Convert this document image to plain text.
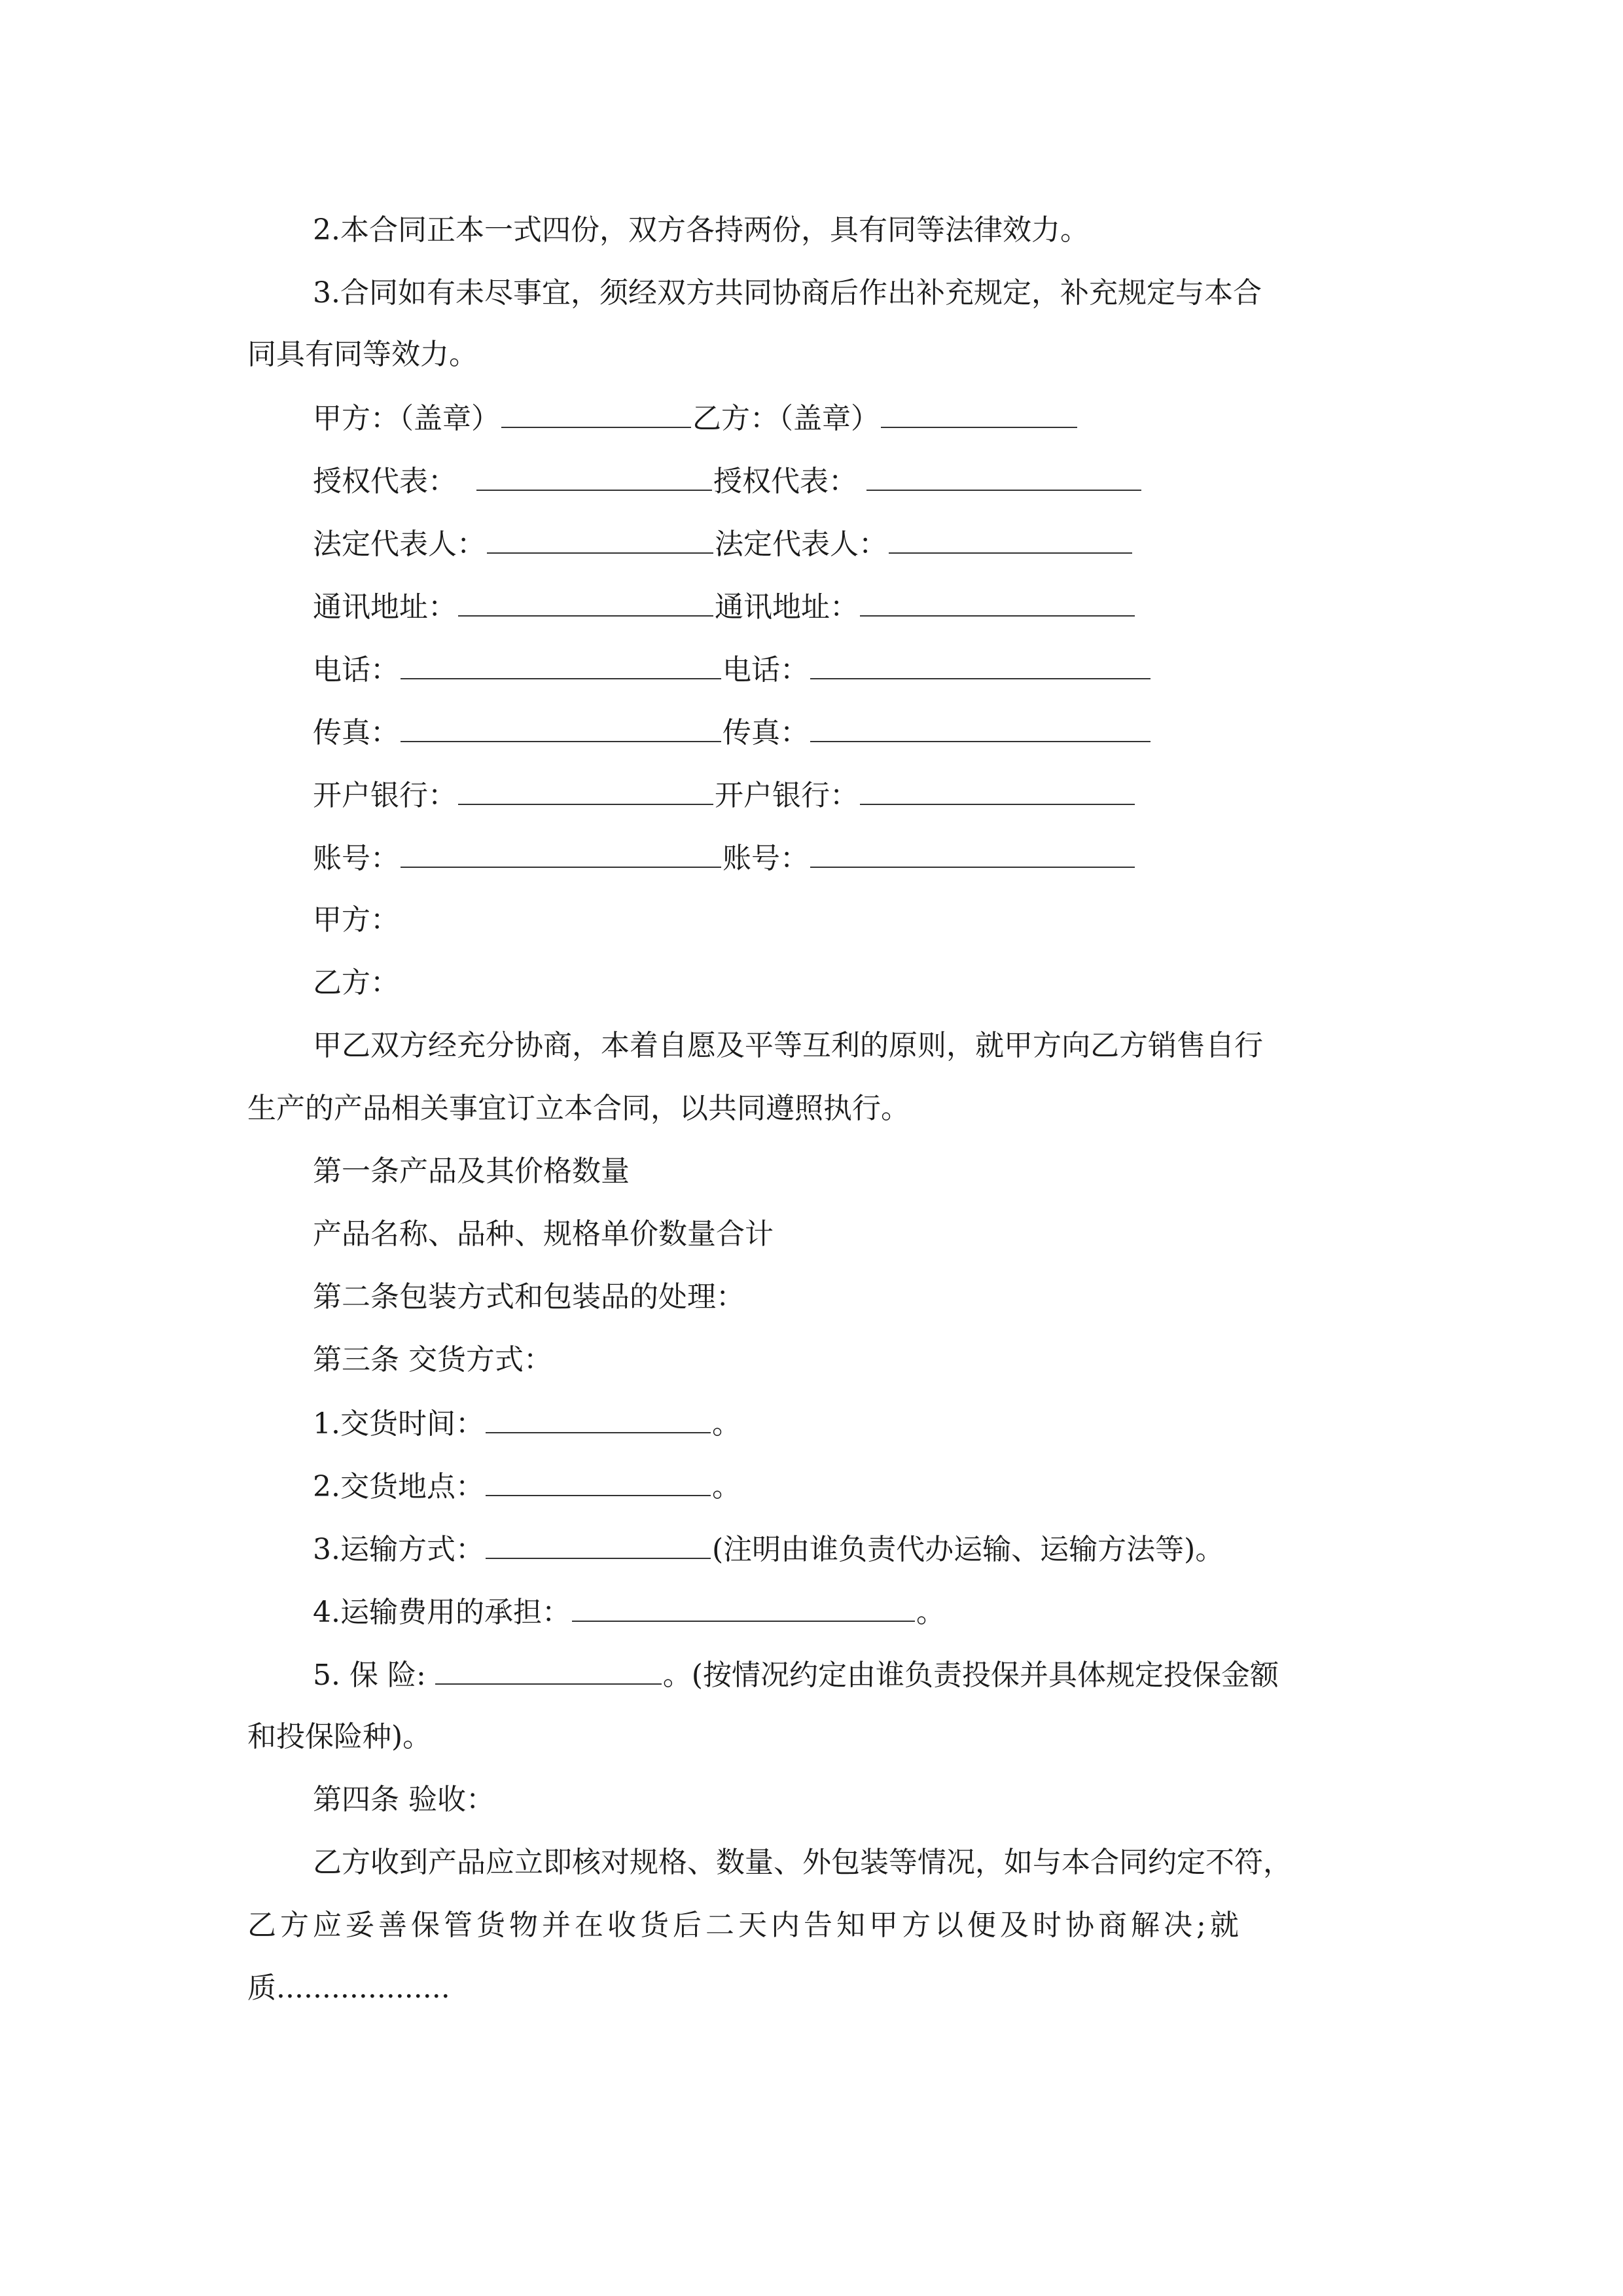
2.本合同正本一式四份，双方各持两份，具有同等法律效力。
3.合同如有未尽事宜，须经双方共同协商后作出补充规定，补充规定与本合
同具有同等效力。
甲方：（盖章）	乙方：（盖章）
授权代表：	授权代表：
法定代表人：	法定代表人：
通讯地址：	通讯地址：
电话：	电话：
传真：	传真：
开户银行：	开户银行：
账号：	账号：
甲方：
乙方：
甲乙双方经充分协商，本着自愿及平等互利的原则，就甲方向乙方销售自行
生产的产品相关事宜订立本合同，以共同遵照执行。
第一条产品及其价格数量
产品名称、品种、规格单价数量合计
第二条包装方式和包装品的处理：
第三条 交货方式：
1.交货时间：	。
2.交货地点：	。
3.运输方式：	(注明由谁负责代办运输、运输方法等)。
4.运输费用的承担：	。
5. 保 险:	。(按情况约定由谁负责投保并具体规定投保金额
和投保险种)。
第四条 验收：
乙方收到产品应立即核对规格、数量、外包装等情况，如与本合同约定不符，
乙方应妥善保管货物并在收货后二天内告知甲方以便及时协商解决;就
质...................
